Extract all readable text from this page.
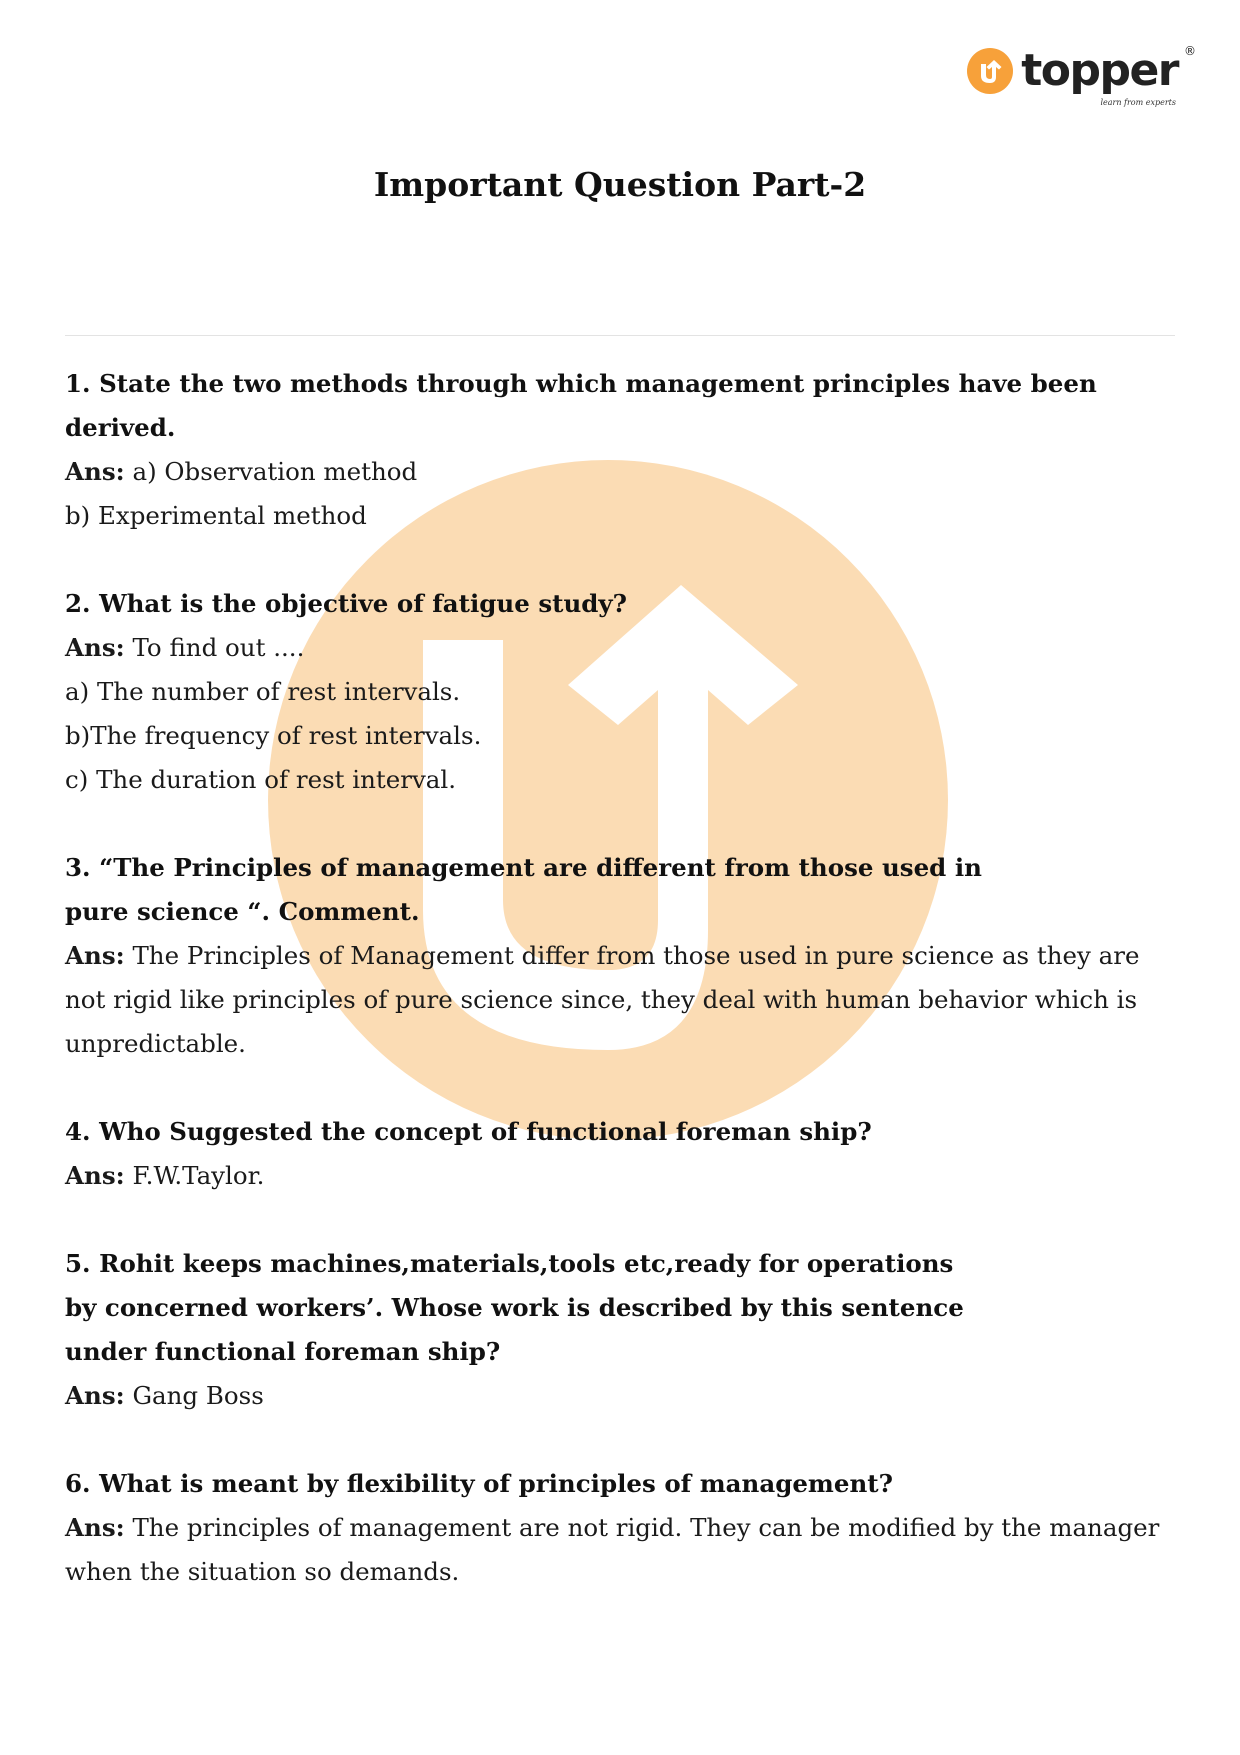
topper ®
learn from experts
Important Question Part-2

1. State the two methods through which management principles have been derived.

Ans: a) Observation method

b) Experimental method

2. What is the objective of fatigue study?

Ans: To find out ....

a) The number of rest intervals.

b)The frequency of rest intervals.

c) The duration of rest interval.

3. “The Principles of management are different from those used in pure science “. Comment.

Ans: The Principles of Management differ from those used in pure science as they are not rigid like principles of pure science since, they deal with human behavior which is unpredictable.

4. Who Suggested the concept of functional foreman ship?

Ans: F.W.Taylor.

5. Rohit keeps machines,materials,tools etc,ready for operations by concerned workers’. Whose work is described by this sentence under functional foreman ship?

Ans: Gang Boss

6. What is meant by flexibility of principles of management?

Ans: The principles of management are not rigid. They can be modified by the manager when the situation so demands.
